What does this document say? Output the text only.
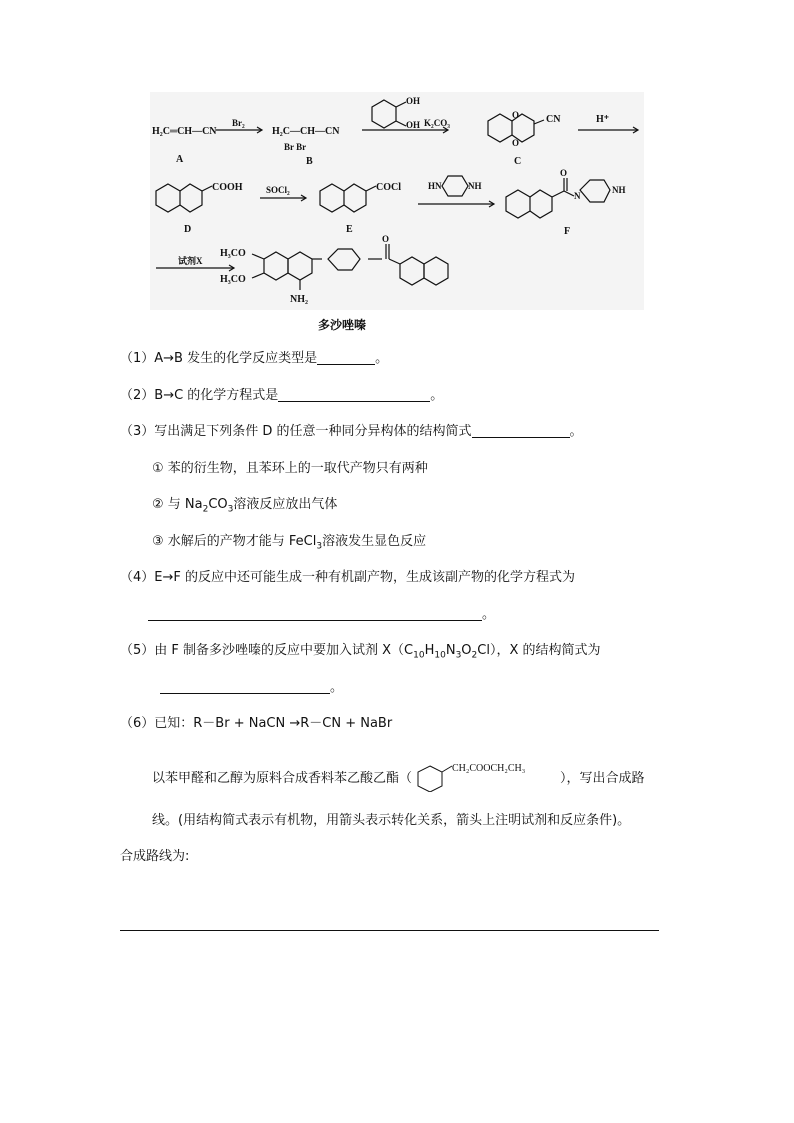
H₂C═CH—CN
A
Br₂
H₂C—CH—CN
Br Br
B
OH
OH K₂CO₃
O
O
CN
C
H⁺
COOH
D
SOCl₂	COCl
E
HN	NH
O
N
NH
F
试剂X
H₃CO
H₃CO
NH₂
O
多沙唑嗪
（1）A→B 发生的化学反应类型是	。
（2）B→C 的化学方程式是	。
（3）写出满足下列条件 D 的任意一种同分异构体的结构简式	。
① 苯的衍生物，且苯环上的一取代产物只有两种
② 与 $Na_2CO_3$溶液反应放出气体
③ 水解后的产物才能与 FeCl$_3$溶液发生显色反应
（4）E→F 的反应中还可能生成一种有机副产物，生成该副产物的化学方程式为
。
（5）由 F 制备多沙唑嗪的反应中要加入试剂 $X(C_{10}H_{10}N_3O_2Cl)$，X 的结构简式为
。
（6）已知：R－Br + NaCN →R－CN + NaBr
以苯甲醛和乙醇为原料合成香料苯乙酸乙酯（
CH₂COOCH₂CH₃
），写出合成路
线。(用结构简式表示有机物，用箭头表示转化关系，箭头上注明试剂和反应条件)。
合成路线为:
